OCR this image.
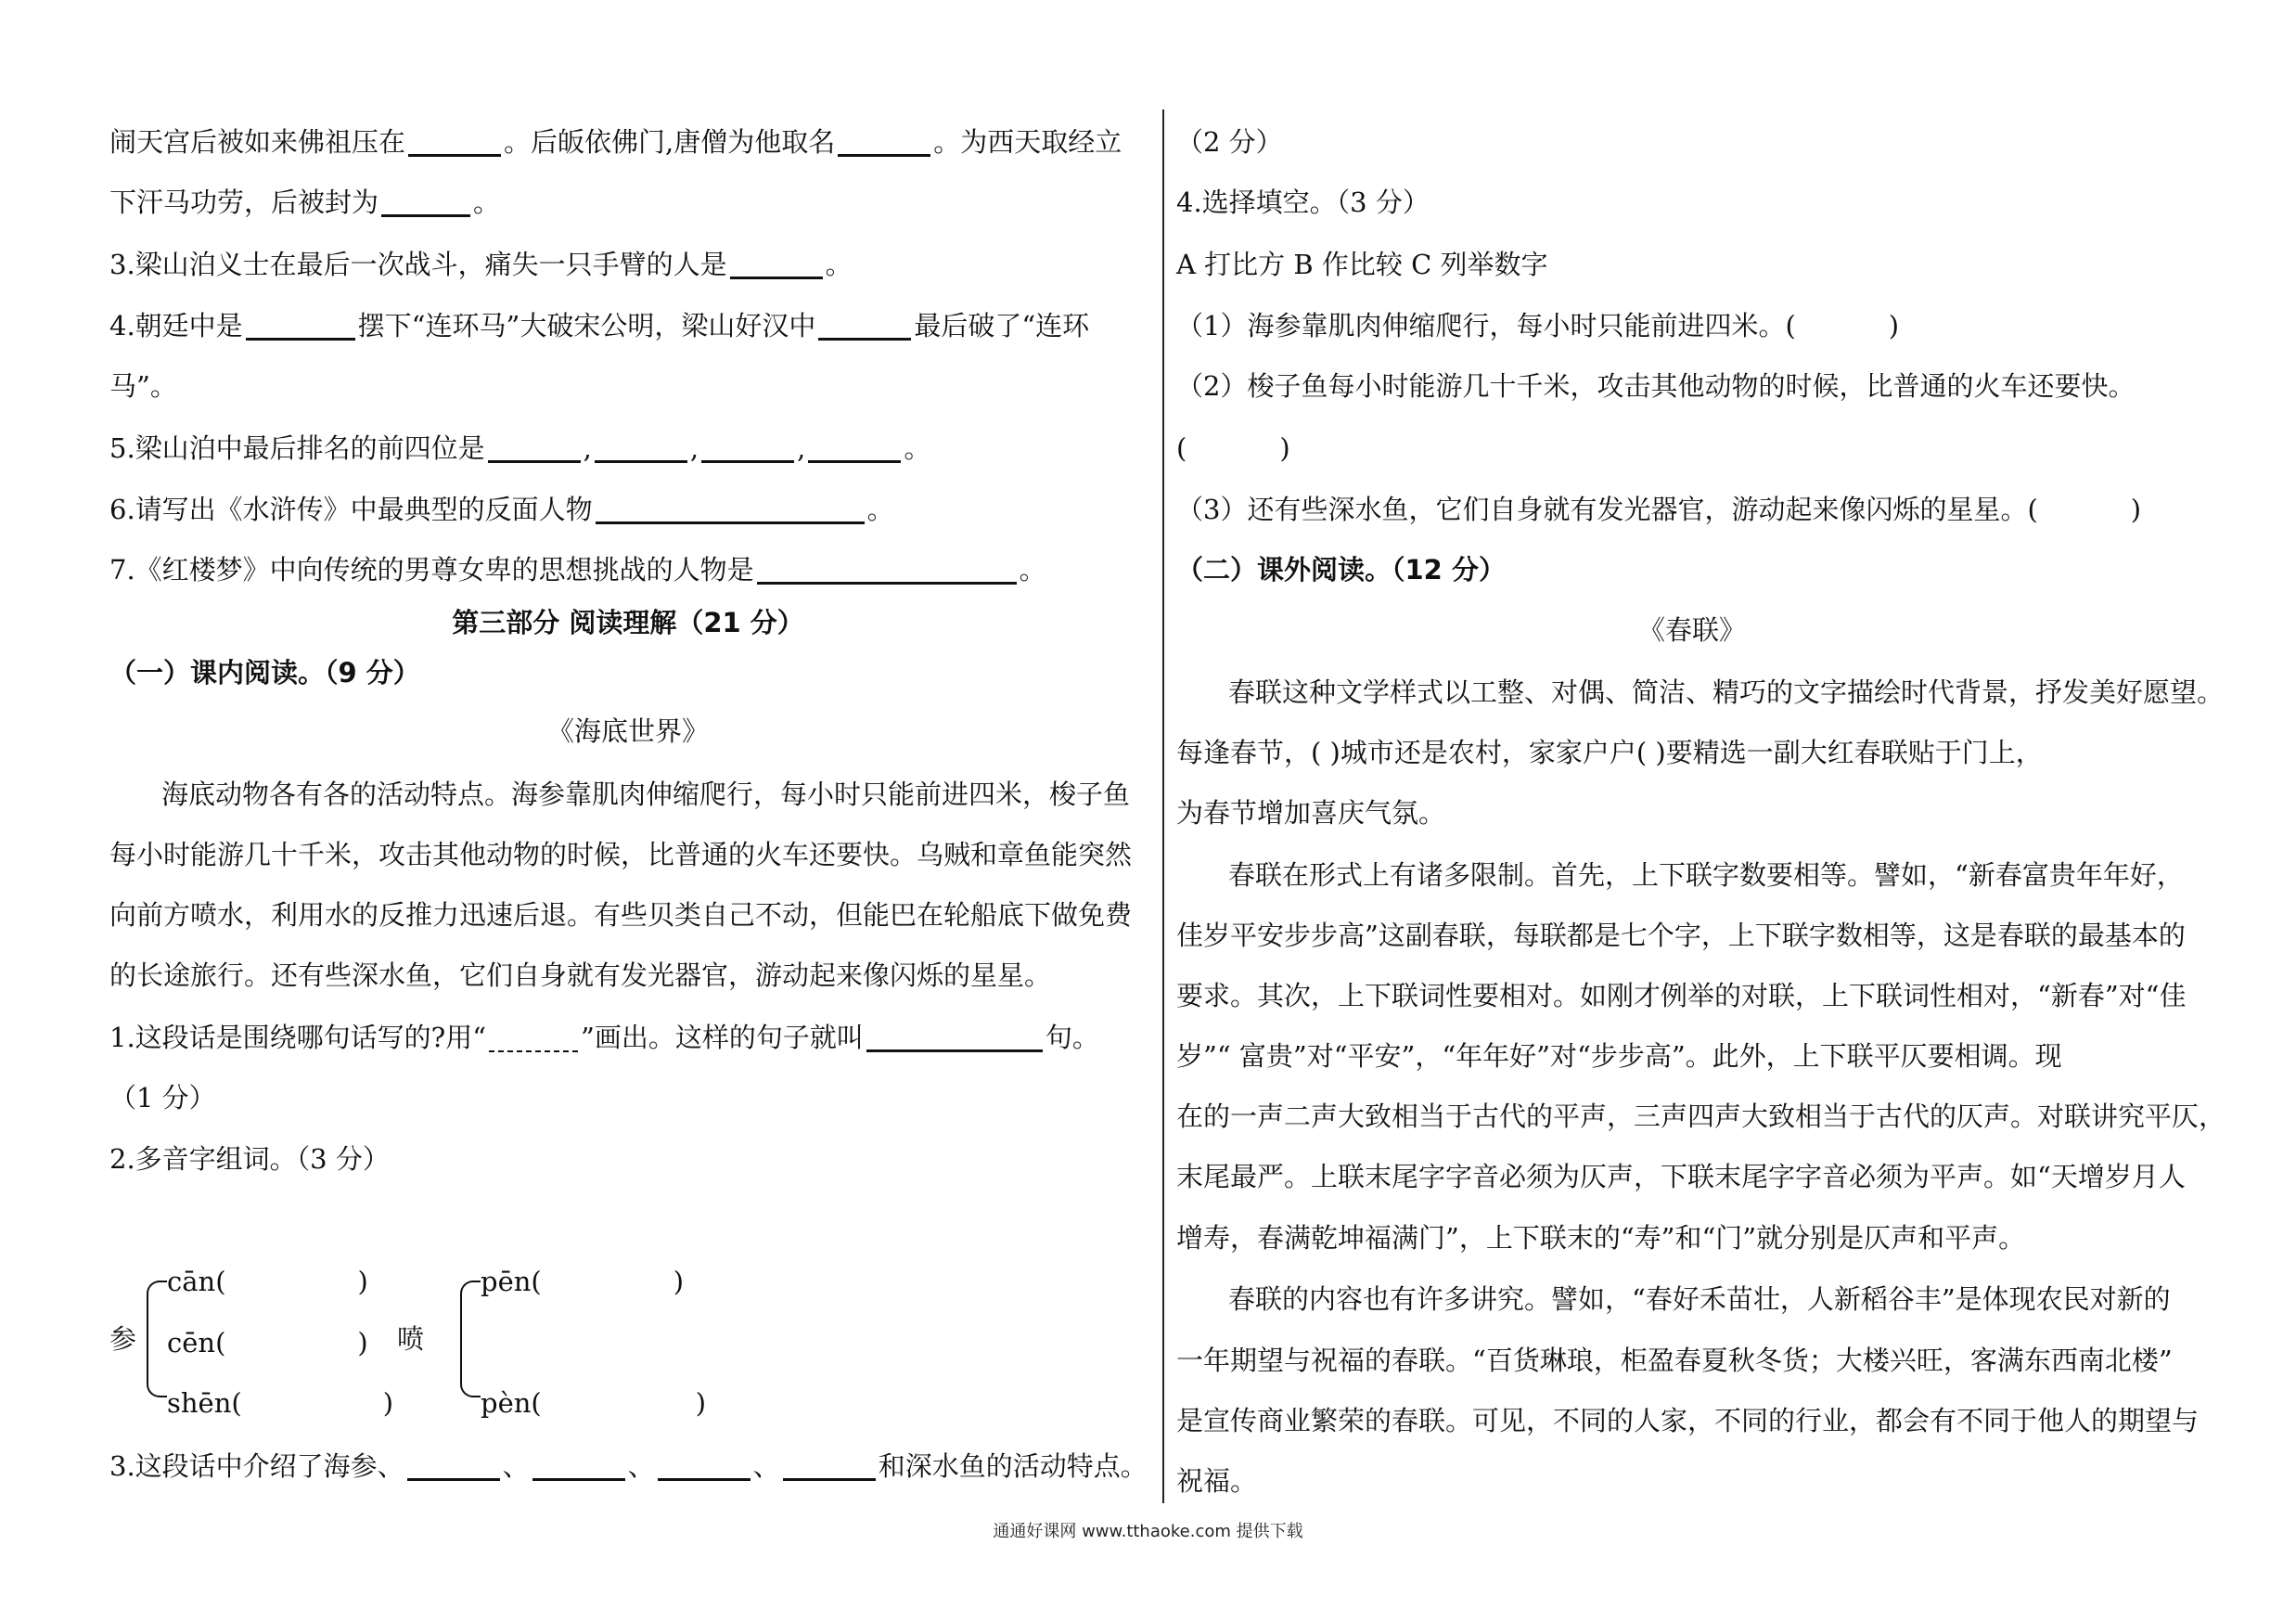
闹天宫后被如来佛祖压在	。后皈依佛门,唐僧为他取名	。为西天取经立
下汗马功劳，后被封为	。
3.梁山泊义士在最后一次战斗，痛失一只手臂的人是	。
4.朝廷中是	摆下“连环马”大破宋公明，梁山好汉中	最后破了“连环
马”。
5.梁山泊中最后排名的前四位是	,	,	,	。
6.请写出《水浒传》中最典型的反面人物	。
7.《红楼梦》中向传统的男尊女卑的思想挑战的人物是	。
第三部分 阅读理解（21 分）
（一）课内阅读。（9 分）
《海底世界》
海底动物各有各的活动特点。海参靠肌肉伸缩爬行，每小时只能前进四米，梭子鱼
每小时能游几十千米，攻击其他动物的时候，比普通的火车还要快。乌贼和章鱼能突然
向前方喷水，利用水的反推力迅速后退。有些贝类自己不动，但能巴在轮船底下做免费
的长途旅行。还有些深水鱼，它们自身就有发光器官，游动起来像闪烁的星星。
1.这段话是围绕哪句话写的?用“	”画出。这样的句子就叫	句。
（1 分）
2.多音字组词。（3 分）
参
cān(	)
cēn(	)
shēn(	)
喷
pēn(	)
pèn(	)
3.这段话中介绍了海参、	、	、	、	和深水鱼的活动特点。
（2 分）
4.选择填空。（3 分）
A 打比方 B 作比较 C 列举数字
（1）海参靠肌肉伸缩爬行，每小时只能前进四米。(	)
（2）梭子鱼每小时能游几十千米，攻击其他动物的时候，比普通的火车还要快。
(	)
（3）还有些深水鱼，它们自身就有发光器官，游动起来像闪烁的星星。(	)
（二）课外阅读。（12 分）
《春联》
春联这种文学样式以工整、对偶、简洁、精巧的文字描绘时代背景，抒发美好愿望。
每逢春节，( )城市还是农村，家家户户( )要精选一副大红春联贴于门上，
为春节增加喜庆气氛。
春联在形式上有诸多限制。首先，上下联字数要相等。譬如，“新春富贵年年好，
佳岁平安步步高”这副春联，每联都是七个字，上下联字数相等，这是春联的最基本的
要求。其次，上下联词性要相对。如刚才例举的对联，上下联词性相对，“新春”对“佳
岁”“ 富贵”对“平安”，“年年好”对“步步高”。此外，上下联平仄要相调。现
在的一声二声大致相当于古代的平声，三声四声大致相当于古代的仄声。对联讲究平仄，
末尾最严。上联末尾字字音必须为仄声，下联末尾字字音必须为平声。如“天增岁月人
增寿，春满乾坤福满门”，上下联末的“寿”和“门”就分别是仄声和平声。
春联的内容也有许多讲究。譬如，“春好禾苗壮，人新稻谷丰”是体现农民对新的
一年期望与祝福的春联。“百货琳琅，柜盈春夏秋冬货；大楼兴旺，客满东西南北楼”
是宣传商业繁荣的春联。可见，不同的人家，不同的行业，都会有不同于他人的期望与
祝福。
通通好课网 www.tthaoke.com 提供下载
